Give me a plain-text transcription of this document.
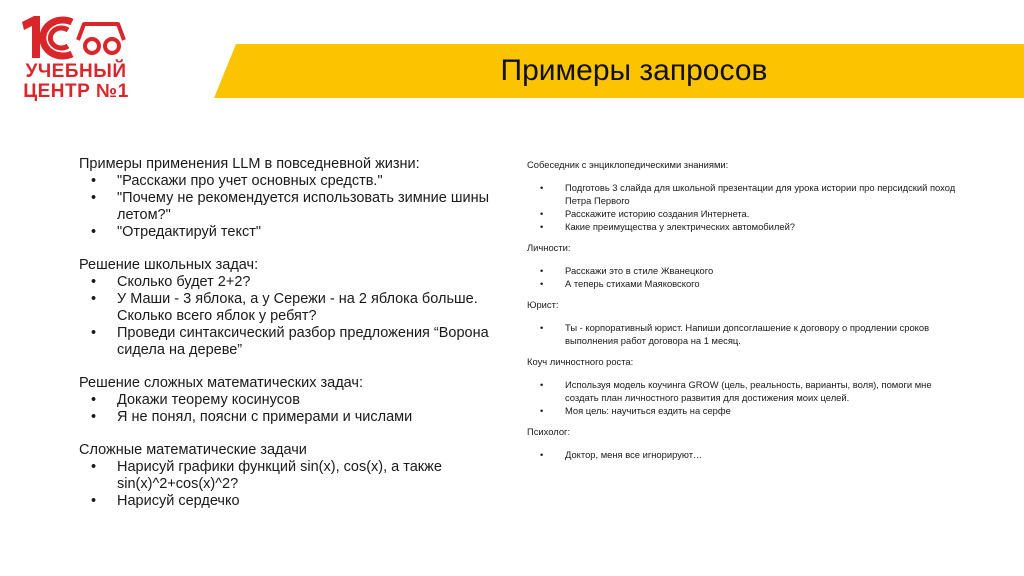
УЧЕБНЫЙ
ЦЕНТР №1
Примеры запросов

Примеры применения LLM в повседневной жизни:

• "Расскажи про учет основных средств."
• "Почему не рекомендуется использовать зимние шины летом?"
• "Отредактируй текст"

Решение школьных задач:

• Сколько будет 2+2?
• У Маши - 3 яблока, а у Сережи - на 2 яблока больше. Сколько всего яблок у ребят?
• Проведи синтаксический разбор предложения “Ворона сидела на дереве”

Решение сложных математических задач:

• Докажи теорему косинусов
• Я не понял, поясни с примерами и числами

Сложные математические задачи

• Нарисуй графики функций sin(x), cos(x), а также sin(x)^2+cos(x)^2?
• Нарисуй сердечко

Собеседник с энциклопедическими знаниями:

• Подготовь 3 слайда для школьной презентации для урока истории про персидский поход Петра Первого
• Расскажите историю создания Интернета.
• Какие преимущества у электрических автомобилей?

Личности:

• Расскажи это в стиле Жванецкого
• А теперь стихами Маяковского

Юрист:

• Ты - корпоративный юрист. Напиши допсоглашение к договору о продлении сроков выполнения работ договора на 1 месяц.

Коуч личностного роста:

• Используя модель коучинга GROW (цель, реальность, варианты, воля), помоги мне создать план личностного развития для достижения моих целей.
• Моя цель: научиться ездить на серфе

Психолог:

• Доктор, меня все игнорируют…
